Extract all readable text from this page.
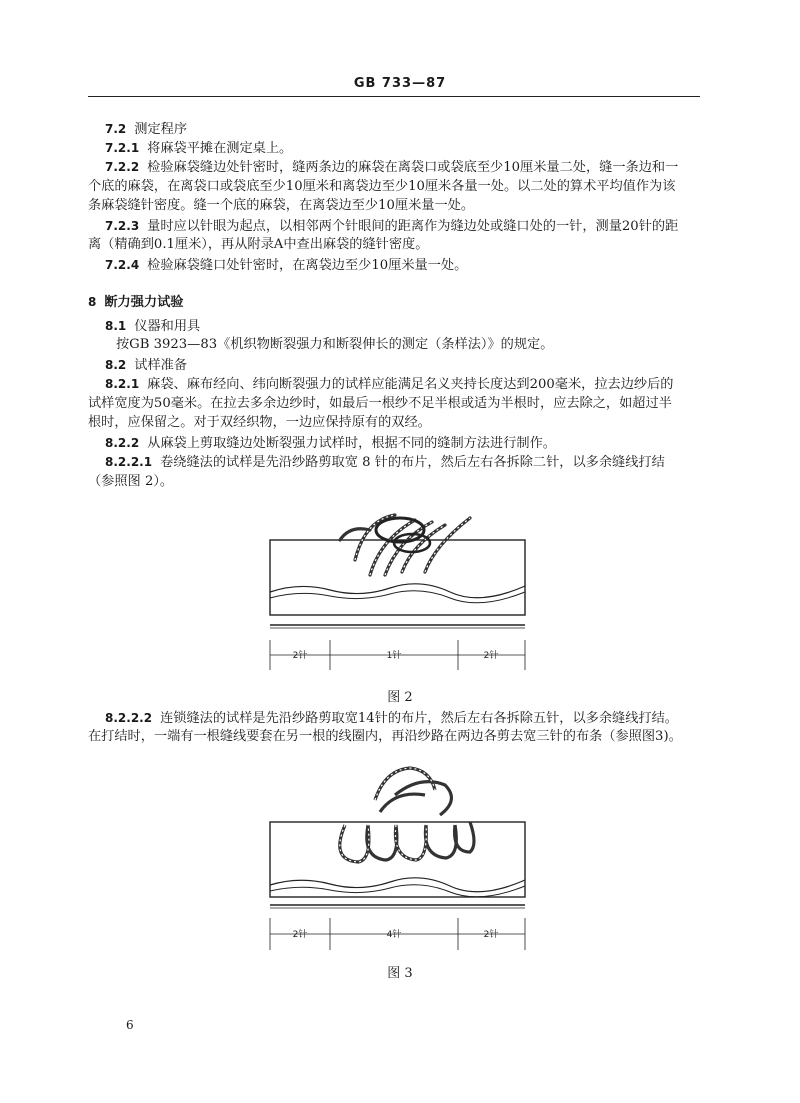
GB 733—87
7.2 测定程序
7.2.1 将麻袋平摊在测定桌上。
7.2.2 检验麻袋缝边处针密时，缝两条边的麻袋在离袋口或袋底至少10厘米量二处，缝一条边和一
个底的麻袋，在离袋口或袋底至少10厘米和离袋边至少10厘米各量一处。以二处的算术平均值作为该
条麻袋缝针密度。缝一个底的麻袋，在离袋边至少10厘米量一处。
7.2.3 量时应以针眼为起点，以相邻两个针眼间的距离作为缝边处或缝口处的一针，测量20针的距
离（精确到0.1厘米），再从附录A中查出麻袋的缝针密度。
7.2.4 检验麻袋缝口处针密时，在离袋边至少10厘米量一处。
8 断力强力试验
8.1 仪器和用具
按GB 3923—83《机织物断裂强力和断裂伸长的测定（条样法）》的规定。
8.2 试样准备
8.2.1 麻袋、麻布经向、纬向断裂强力的试样应能满足名义夹持长度达到200毫米，拉去边纱后的
试样宽度为50毫米。在拉去多余边纱时，如最后一根纱不足半根或适为半根时，应去除之，如超过半
根时，应保留之。对于双经织物，一边应保持原有的双经。
8.2.2 从麻袋上剪取缝边处断裂强力试样时，根据不同的缝制方法进行制作。
8.2.2.1 卷绕缝法的试样是先沿纱路剪取宽 8 针的布片，然后左右各拆除二针，以多余缝线打结
（参照图 2）。
2针	1针	2针
图 2
8.2.2.2 连锁缝法的试样是先沿纱路剪取宽14针的布片，然后左右各拆除五针，以多余缝线打结。
在打结时，一端有一根缝线要套在另一根的线圈内，再沿纱路在两边各剪去宽三针的布条（参照图3)。
2针	4针	2针
图 3
6
